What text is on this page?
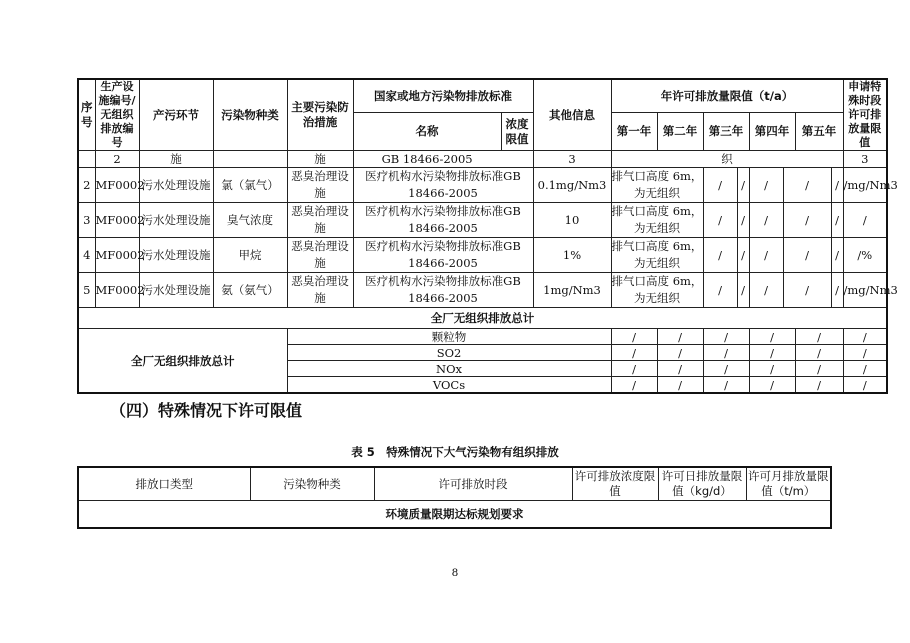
序号	生产设施编号/无组织排放编号	产污环节	污染物种类	主要污染防治措施	国家或地方污染物排放标准		其他信息	年许可排放量限值（t/a）								申请特殊时段许可排放量限值
					名称	浓度限值		第一年	第二年	第三年		第四年		第五年		
	2	施		施	GB 18466-2005		3	织								3
2	MF0002	污水处理设施	氯（氯气）	恶臭治理设施	医疗机构水污染物排放标准GB 18466-2005		0.1mg/Nm3	排气口高度 6m，为无组织		/	/	/	/		/	/mg/Nm3
3	MF0002	污水处理设施	臭气浓度	恶臭治理设施	医疗机构水污染物排放标准GB 18466-2005		10	排气口高度 6m，为无组织		/	/	/	/		/	/
4	MF0002	污水处理设施	甲烷	恶臭治理设施	医疗机构水污染物排放标准GB 18466-2005		1%	排气口高度 6m，为无组织		/	/	/	/		/	/%
5	MF0002	污水处理设施	氨（氨气）	恶臭治理设施	医疗机构水污染物排放标准GB 18466-2005		1mg/Nm3	排气口高度 6m，为无组织		/	/	/	/		/	/mg/Nm3
全厂无组织排放总计																
全厂无组织排放总计				颗粒物				/	/	/		/		/		/
				SO2				/	/	/		/		/		/
				NOx				/	/	/		/		/		/
				VOCs				/	/	/		/		/		/
（四）特殊情况下许可限值
表 5　特殊情况下大气污染物有组织排放
排放口类型	污染物种类	许可排放时段	许可排放浓度限值	许可日排放量限值（kg/d）	许可月排放量限值（t/m）
环境质量限期达标规划要求
8
